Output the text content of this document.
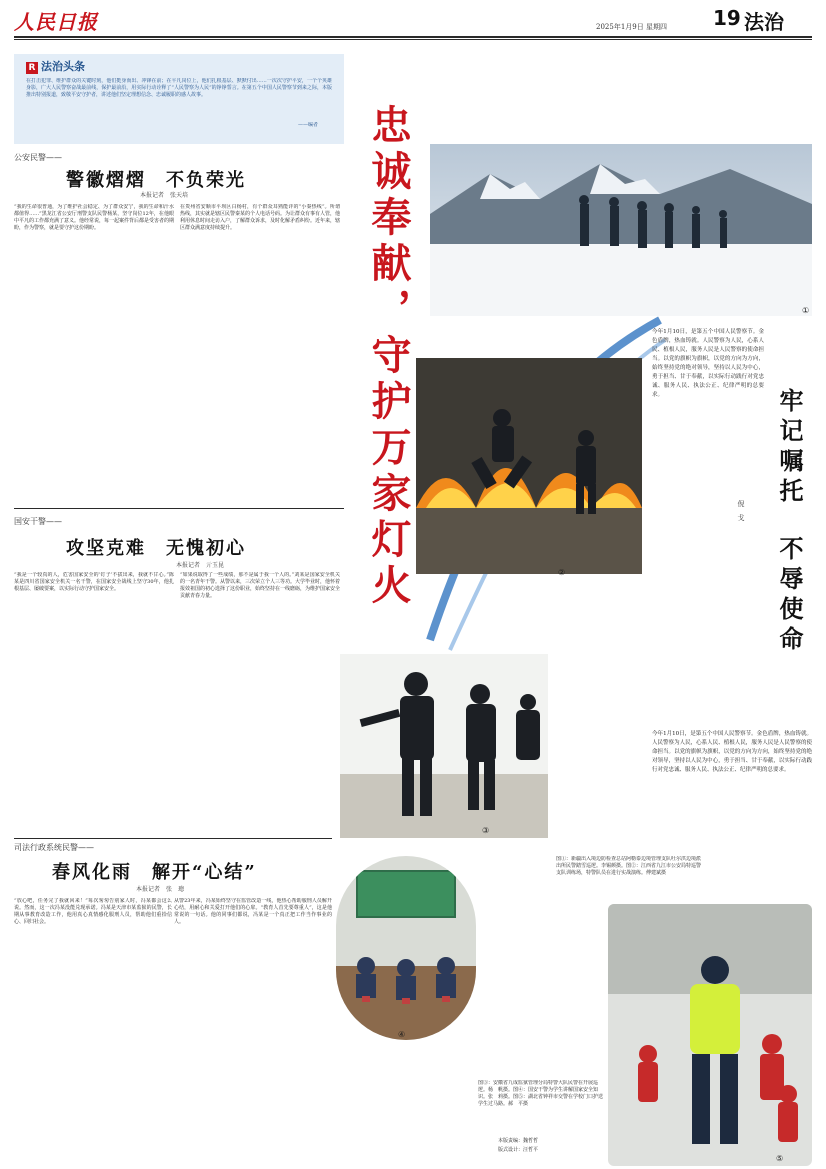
人民日报	2025年1月9日 星期四 19 法治
R 法治头条
在打击犯罪、维护群众的关键时刻，他们挺身而出、冲锋在前；在平凡岗位上，他们扎根基层、默默付出……一次次守护平安，一个个英雄身影，广大人民警察奋战最前线，保护最前沿，用实际行动诠释了“人民警察为人民”的铮铮誓言。在第五个中国人民警察节到来之际，本版推出特别报道，致敬平安守护者，讲述他们坚定理想信念、忠诚履职的感人故事。
——编者	忠诚奉献，守护万家灯火	①
②
③
④
⑤
公安民警——
警徽熠熠　不负荣光
本报记者　张天培
“我的生命很普通，为了维护社会稳定、为了群众安宁，我的生命和汗水都值得……”黑龙江省公安厅刑警支队民警杨某，坚守岗位12年，在他眼中平凡的工作都充满了意义。他经常说，每一起案件背后都是受害者的期盼，作为警察，就是要守护这份期盼。
在贵州省安顺市平坝区白杨村，有个群众耳熟能详的“小秦热线”。所谓热线，其实就是辖区民警秦某的个人电话号码。为让群众有事有人管，他利用休息时间走访入户，了解群众诉求，及时化解矛盾纠纷。近年来，辖区群众满意度持续提升。
国安干警——
攻坚克难　无愧初心
本报记者　亓玉昆
“我是一个较真的人，危害国家安全的‘钉子’不拔出来，我就不甘心。”陈某是四川省国家安全机关一名干警，在国家安全战线上坚守30年，他扎根基层、屡破要案，以实际行动守护国家安全。
“如果说取得了一些成绩，那不是属于我一个人的。”刘某是国家安全机关的一名青年干警。从警以来，三次荣立个人三等功。大学毕业时，他怀着报效祖国的初心选择了这份职业，始终坚持在一线磨砺，为维护国家安全贡献青春力量。
司法行政系统民警——
春风化雨　解开“心结”
本报记者　张　璁
“放心吧，任务完了我就回来！”每次匆匆告别家人时，冯某都会这么说。然而，这一次冯某没能兑现承诺。冯某是天津市某监狱的民警，长期从事教育改造工作，他用真心真情感化服刑人员，帮助他们重拾信心、回归社会。
从警23年来，冯某始终坚守在监管改造一线，他热心帮助服刑人员解开心结，用耐心和关爱打开他们的心扉。“教育人首先要尊重人”，这是他常说的一句话。他的同事们都说，冯某是一个真正把工作当作事业的人。
牢记嘱托
不辱使命
倪　戈
今年1月10日，是第五个中国人民警察节。金色盾牌，热血铸就。人民警察为人民，心系人民、植根人民，服务人民是人民警察的使命担当。以党的旗帜为旗帜，以党的方向为方向，始终坚持党的绝对领导，坚持以人民为中心，勇于担当、甘于奉献，以实际行动践行对党忠诚、服务人民、执法公正、纪律严明的总要求。
今年1月10日，是第五个中国人民警察节。金色盾牌，热血铸就。人民警察为人民，心系人民、植根人民，服务人民是人民警察的使命担当。以党的旗帜为旗帜，以党的方向为方向，始终坚持党的绝对领导，坚持以人民为中心，勇于担当、甘于奉献，以实际行动践行对党忠诚、服务人民、执法公正、纪律严明的总要求。
图①：新疆出入境边防检查总站阿勒泰边境管理支队吐尔洪边境派出所民警踏雪巡逻。李锡颜摄。图②：江西省九江市公安局特巡警支队训练场，特警队员在进行实战演练。傅建斌摄
图③：安徽省九成监狱管理分局特警大队民警在开展巡逻。杨　帆摄。图④：国安干警为学生讲解国家安全知识。张　莉摄。图⑤：湖北省钟祥市交警在学校门口护送学生过马路。郝　平摄
本版责编：魏哲哲
版式设计：汪哲平
